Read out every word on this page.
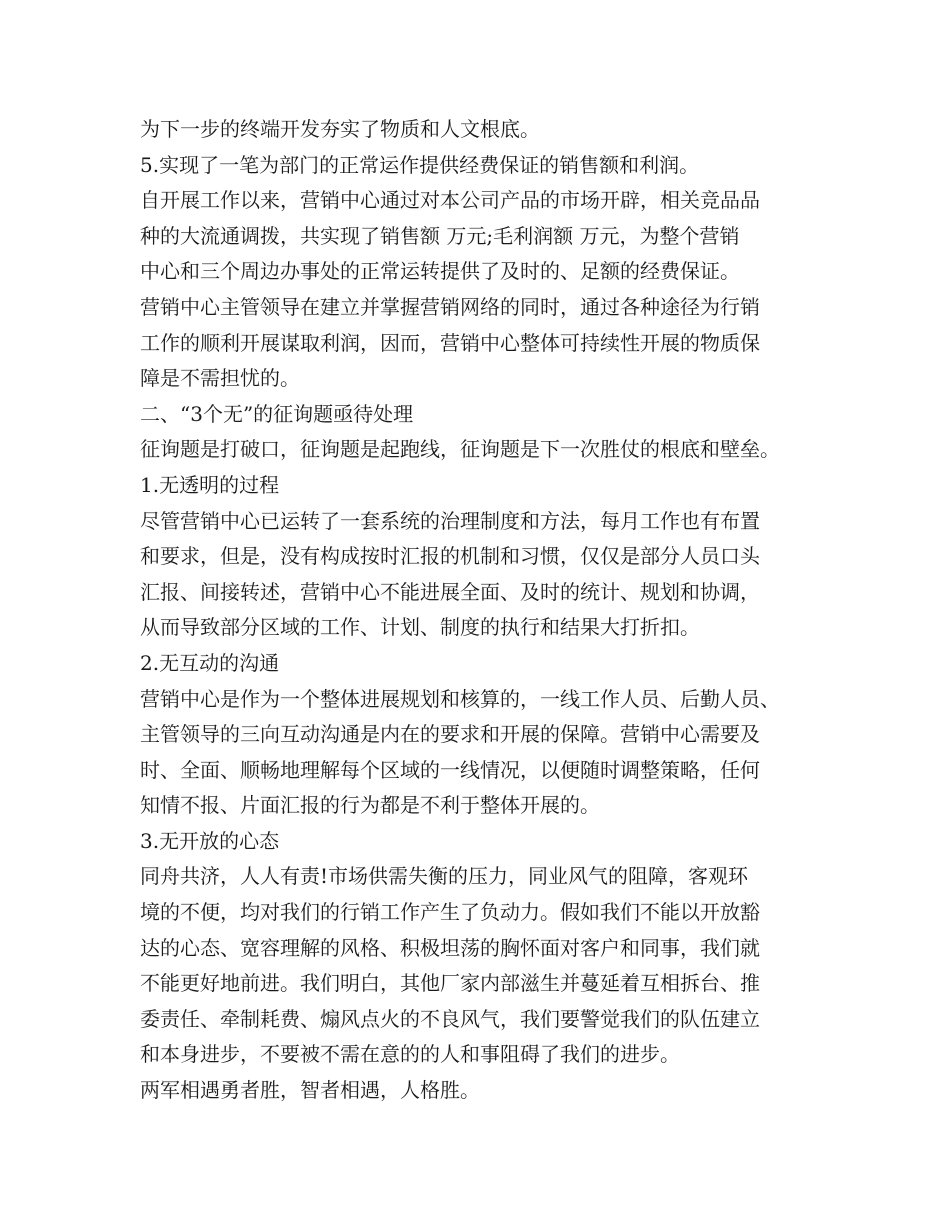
为下一步的终端开发夯实了物质和人文根底。
5.实现了一笔为部门的正常运作提供经费保证的销售额和利润。
自开展工作以来，营销中心通过对本公司产品的市场开辟，相关竞品品
种的大流通调拨，共实现了销售额 万元;毛利润额 万元，为整个营销
中心和三个周边办事处的正常运转提供了及时的、足额的经费保证。
营销中心主管领导在建立并掌握营销网络的同时，通过各种途径为行销
工作的顺利开展谋取利润，因而，营销中心整体可持续性开展的物质保
障是不需担忧的。
二、“3个无”的征询题亟待处理
征询题是打破口，征询题是起跑线，征询题是下一次胜仗的根底和壁垒。
1.无透明的过程
尽管营销中心已运转了一套系统的治理制度和方法，每月工作也有布置
和要求，但是，没有构成按时汇报的机制和习惯，仅仅是部分人员口头
汇报、间接转述，营销中心不能进展全面、及时的统计、规划和协调，
从而导致部分区域的工作、计划、制度的执行和结果大打折扣。
2.无互动的沟通
营销中心是作为一个整体进展规划和核算的，一线工作人员、后勤人员、
主管领导的三向互动沟通是内在的要求和开展的保障。营销中心需要及
时、全面、顺畅地理解每个区域的一线情况，以便随时调整策略，任何
知情不报、片面汇报的行为都是不利于整体开展的。
3.无开放的心态
同舟共济，人人有责!市场供需失衡的压力，同业风气的阻障，客观环
境的不便，均对我们的行销工作产生了负动力。假如我们不能以开放豁
达的心态、宽容理解的风格、积极坦荡的胸怀面对客户和同事，我们就
不能更好地前进。我们明白，其他厂家内部滋生并蔓延着互相拆台、推
委责任、牵制耗费、煽风点火的不良风气，我们要警觉我们的队伍建立
和本身进步，不要被不需在意的的人和事阻碍了我们的进步。
两军相遇勇者胜，智者相遇，人格胜。
